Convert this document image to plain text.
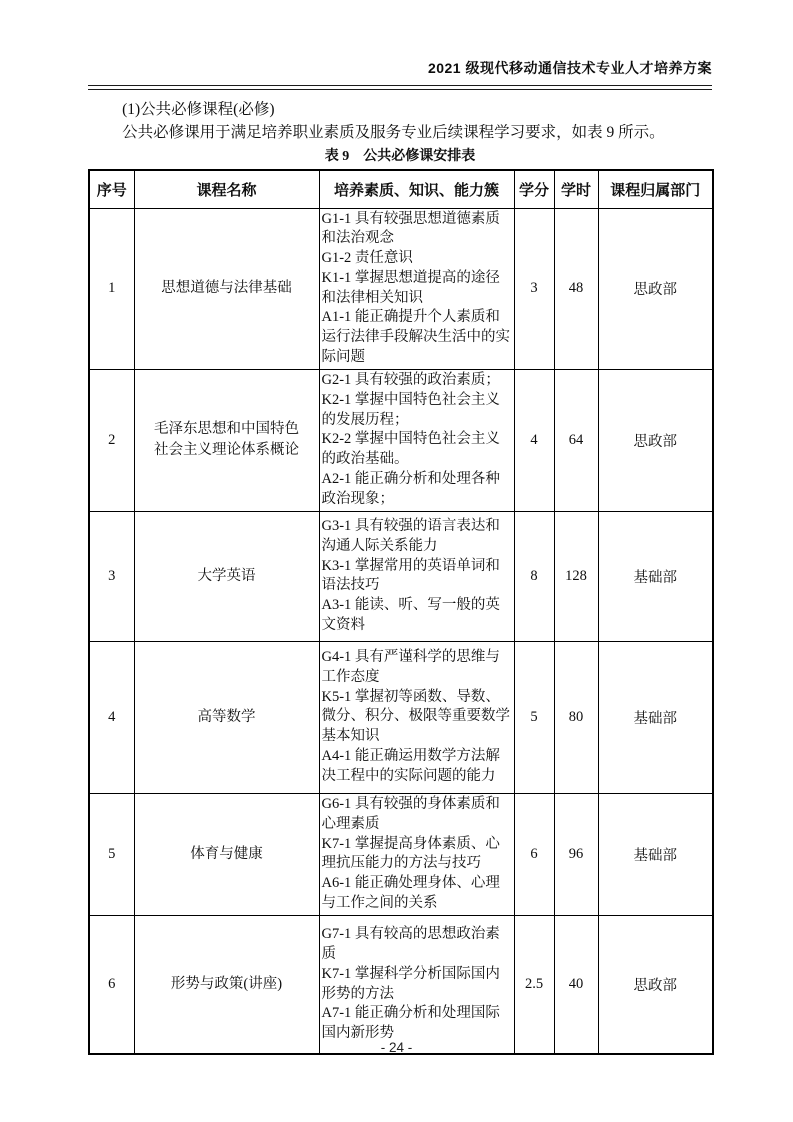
2021 级现代移动通信技术专业人才培养方案

(1)公共必修课程(必修)

公共必修课用于满足培养职业素质及服务专业后续课程学习要求，如表 9 所示。

表 9　公共必修课安排表
序号	课程名称	培养素质、知识、能力簇	学分	学时	课程归属部门
1	思想道德与法律基础	G1-1 具有较强思想道德素质和法治观念
G1-2 责任意识
K1-1 掌握思想道提高的途径和法律相关知识
A1-1 能正确提升个人素质和运行法律手段解决生活中的实际问题	3	48	思政部
2	毛泽东思想和中国特色社会主义理论体系概论	G2-1 具有较强的政治素质；
K2-1 掌握中国特色社会主义的发展历程；
K2-2 掌握中国特色社会主义的政治基础。
A2-1 能正确分析和处理各种政治现象；	4	64	思政部
3	大学英语	G3-1 具有较强的语言表达和沟通人际关系能力
K3-1 掌握常用的英语单词和语法技巧
A3-1 能读、听、写一般的英文资料	8	128	基础部
4	高等数学	G4-1 具有严谨科学的思维与工作态度
K5-1 掌握初等函数、导数、微分、积分、极限等重要数学基本知识
A4-1 能正确运用数学方法解决工程中的实际问题的能力	5	80	基础部
5	体育与健康	G6-1 具有较强的身体素质和心理素质
K7-1 掌握提高身体素质、心理抗压能力的方法与技巧
A6-1 能正确处理身体、心理与工作之间的关系	6	96	基础部
6	形势与政策(讲座)	G7-1 具有较高的思想政治素质
K7-1 掌握科学分析国际国内形势的方法
A7-1 能正确分析和处理国际国内新形势	2.5	40	思政部
- 24 -
